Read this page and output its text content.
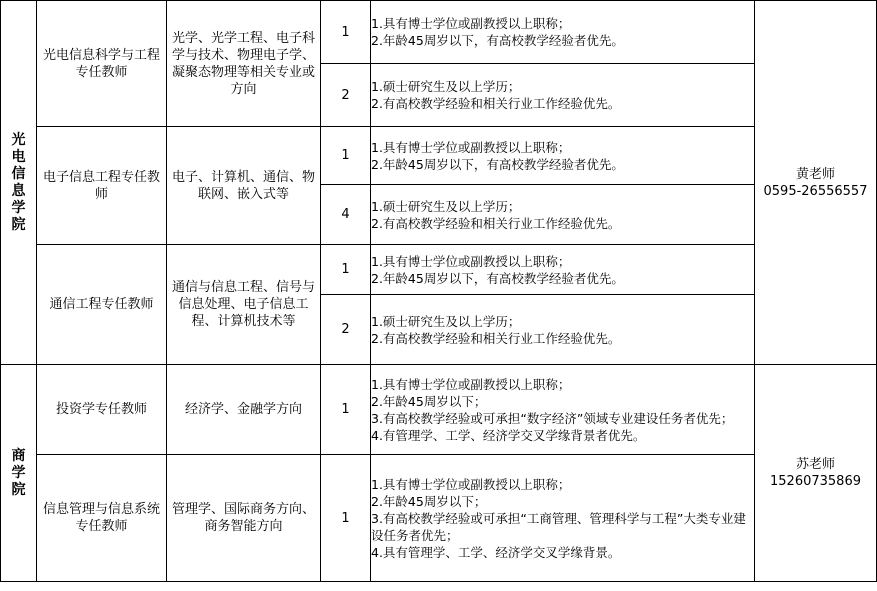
光电信息学院	光电信息科学与工程专任教师	光学、光学工程、电子科学与技术、物理电子学、凝聚态物理等相关专业或方向	1	1.具有博士学位或副教授以上职称；
2.年龄45周岁以下，有高校教学经验者优先。	黄老师
0595-26556557

			2	1.硕士研究生及以上学历；
2.有高校教学经验和相关行业工作经验优先。	

	电子信息工程专任教师	电子、计算机、通信、物联网、嵌入式等	1	1.具有博士学位或副教授以上职称；
2.年龄45周岁以下，有高校教学经验者优先。	

			4	1.硕士研究生及以上学历；
2.有高校教学经验和相关行业工作经验优先。	

	通信工程专任教师	通信与信息工程、信号与信息处理、电子信息工程、计算机技术等	1	1.具有博士学位或副教授以上职称；
2.年龄45周岁以下，有高校教学经验者优先。	

			2	1.硕士研究生及以上学历；
2.有高校教学经验和相关行业工作经验优先。	

商学院	投资学专任教师	经济学、金融学方向	1	1.具有博士学位或副教授以上职称；
2.年龄45周岁以下；
3.有高校教学经验或可承担“数字经济”领域专业建设任务者优先；
4.有管理学、工学、经济学交叉学缘背景者优先。	苏老师
15260735869

	信息管理与信息系统专任教师	管理学、国际商务方向、商务智能方向	1	1.具有博士学位或副教授以上职称；
2.年龄45周岁以下；
3.有高校教学经验或可承担“工商管理、管理科学与工程”大类专业建设任务者优先；
4.具有管理学、工学、经济学交叉学缘背景。	
